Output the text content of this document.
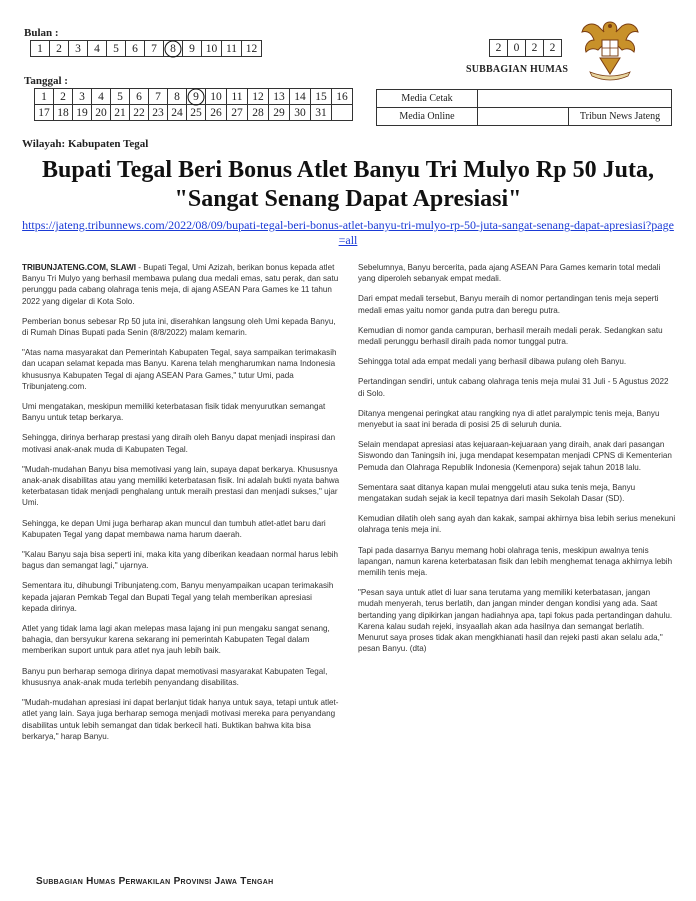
Bulan :
1	2	3	4	5	6	7	8	9	10	11	12	2	0	2	2
SUBBAGIAN HUMAS
Tanggal :
1	2	3	4	5	6	7	8	9	10	11	12	13	14	15	16
17	18	19	20	21	22	23	24	25	26	27	28	29	30	31	
Media Cetak		
Media Online		Tribun News Jateng
Wilayah: Kabupaten Tegal
Bupati Tegal Beri Bonus Atlet Banyu Tri Mulyo Rp 50 Juta,
"Sangat Senang Dapat Apresiasi"
https://jateng.tribunnews.com/2022/08/09/bupati-tegal-beri-bonus-atlet-banyu-tri-mulyo-rp-50-juta-sangat-senang-dapat-apresiasi?page=all

TRIBUNJATENG.COM, SLAWI - Bupati Tegal, Umi Azizah, berikan bonus kepada atlet Banyu Tri Mulyo yang berhasil membawa pulang dua medali emas, satu perak, dan satu perunggu pada cabang olahraga tenis meja, di ajang ASEAN Para Games ke 11 tahun 2022 yang digelar di Kota Solo.

Pemberian bonus sebesar Rp 50 juta ini, diserahkan langsung oleh Umi kepada Banyu, di Rumah Dinas Bupati pada Senin (8/8/2022) malam kemarin.

"Atas nama masyarakat dan Pemerintah Kabupaten Tegal, saya sampaikan terimakasih dan ucapan selamat kepada mas Banyu. Karena telah mengharumkan nama Indonesia khususnya Kabupaten Tegal di ajang ASEAN Para Games," tutur Umi, pada Tribunjateng.com.

Umi mengatakan, meskipun memiliki keterbatasan fisik tidak menyurutkan semangat Banyu untuk tetap berkarya.

Sehingga, dirinya berharap prestasi yang diraih oleh Banyu dapat menjadi inspirasi dan motivasi anak-anak muda di Kabupaten Tegal.

"Mudah-mudahan Banyu bisa memotivasi yang lain, supaya dapat berkarya. Khususnya anak-anak disabilitas atau yang memiliki keterbatasan fisik. Ini adalah bukti nyata bahwa keterbatasan tidak menjadi penghalang untuk meraih prestasi dan menjadi sukses," ujar Umi.

Sehingga, ke depan Umi juga berharap akan muncul dan tumbuh atlet-atlet baru dari Kabupaten Tegal yang dapat membawa nama harum daerah.

"Kalau Banyu saja bisa seperti ini, maka kita yang diberikan keadaan normal harus lebih bagus dan semangat lagi," ujarnya.

Sementara itu, dihubungi Tribunjateng.com, Banyu menyampaikan ucapan terimakasih kepada jajaran Pemkab Tegal dan Bupati Tegal yang telah memberikan apresiasi kepada dirinya.

Atlet yang tidak lama lagi akan melepas masa lajang ini pun mengaku sangat senang, bahagia, dan bersyukur karena sekarang ini pemerintah Kabupaten Tegal dalam memberikan suport untuk para atlet nya jauh lebih baik.

Banyu pun berharap semoga dirinya dapat memotivasi masyarakat Kabupaten Tegal, khususnya anak-anak muda terlebih penyandang disabilitas.

"Mudah-mudahan apresiasi ini dapat berlanjut tidak hanya untuk saya, tetapi untuk atlet-atlet yang lain. Saya juga berharap semoga menjadi motivasi mereka para penyandang disabilitas untuk lebih semangat dan tidak berkecil hati. Buktikan bahwa kita bisa berkarya," harap Banyu.

Sebelumnya, Banyu bercerita, pada ajang ASEAN Para Games kemarin total medali yang diperoleh sebanyak empat medali.

Dari empat medali tersebut, Banyu meraih di nomor pertandingan tenis meja seperti medali emas yaitu nomor ganda putra dan beregu putra.

Kemudian di nomor ganda campuran, berhasil meraih medali perak. Sedangkan satu medali perunggu berhasil diraih pada nomor tunggal putra.

Sehingga total ada empat medali yang berhasil dibawa pulang oleh Banyu.

Pertandingan sendiri, untuk cabang olahraga tenis meja mulai 31 Juli - 5 Agustus 2022 di Solo.

Ditanya mengenai peringkat atau rangking nya di atlet paralympic tenis meja, Banyu menyebut ia saat ini berada di posisi 25 di seluruh dunia.

Selain mendapat apresiasi atas kejuaraan-kejuaraan yang diraih, anak dari pasangan Siswondo dan Taningsih ini, juga mendapat kesempatan menjadi CPNS di Kementerian Pemuda dan Olahraga Republik Indonesia (Kemenpora) sejak tahun 2018 lalu.

Sementara saat ditanya kapan mulai menggeluti atau suka tenis meja, Banyu mengatakan sudah sejak ia kecil tepatnya dari masih Sekolah Dasar (SD).

Kemudian dilatih oleh sang ayah dan kakak, sampai akhirnya bisa lebih serius menekuni olahraga tenis meja ini.

Tapi pada dasarnya Banyu memang hobi olahraga tenis, meskipun awalnya tenis lapangan, namun karena keterbatasan fisik dan lebih menghemat tenaga akhirnya lebih memilih tenis meja.

"Pesan saya untuk atlet di luar sana terutama yang memiliki keterbatasan, jangan mudah menyerah, terus berlatih, dan jangan minder dengan kondisi yang ada. Saat bertanding yang dipikirkan jangan hadiahnya apa, tapi fokus pada pertandingan dahulu. Karena kalau sudah rejeki, insyaallah akan ada hasilnya dan semangat berlatih. Menurut saya proses tidak akan mengkhianati hasil dan rejeki pasti akan selalu ada," pesan Banyu. (dta)

Subbagian Humas Perwakilan Provinsi Jawa Tengah
